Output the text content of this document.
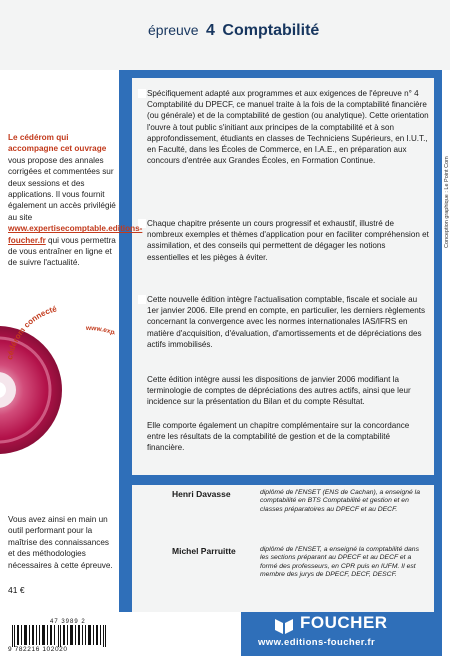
épreuve 4 Comptabilité
Spécifiquement adapté aux programmes et aux exigences de l'épreuve n° 4 Comptabilité du DPECF, ce manuel traite à la fois de la comptabilité financière (ou générale) et de la comptabilité de gestion (ou analytique). Cette orientation l'ouvre à tout public s'initiant aux principes de la comptabilité et à son approfondissement, étudiants en classes de Techniciens Supérieurs, en I.U.T., en Faculté, dans les Écoles de Commerce, en I.A.E., en préparation aux concours d'entrée aux Grandes Écoles, en Formation Continue.
Chaque chapitre présente un cours progressif et exhaustif, illustré de nombreux exemples et thèmes d'application pour en faciliter compréhension et assimilation, et des conseils qui permettent de dégager les notions essentielles et les pièges à éviter.
Cette nouvelle édition intègre l'actualisation comptable, fiscale et sociale au 1er janvier 2006. Elle prend en compte, en particulier, les derniers règlements concernant la convergence avec les normes internationales IAS/IFRS en matière d'acquisition, d'évaluation, d'amortissements et de dépréciations des actifs immobilisés.
Cette édition intègre aussi les dispositions de janvier 2006 modifiant la terminologie de comptes de dépréciations des autres actifs, ainsi que leur incidence sur la présentation du Bilan et du compte Résultat.
Elle comporte également un chapitre complémentaire sur la concordance entre les résultats de la comptabilité de gestion et de la comptabilité financière.
Le cédérom qui accompagne cet ouvrage vous propose des annales corrigées et commentées sur deux sessions et des applications. Il vous fournit également un accès privilégié au site www.expertisecomptable.editions-foucher.fr qui vous permettra de vous entraîner en ligne et de suivre l'actualité.
cédérom connecté
www.exp
Vous avez ainsi en main un outil performant pour la maîtrise des connaissances et des méthodologies nécessaires à cette épreuve.
41 €
47 3989 2
9 782216 102020
Conception graphique : Le Point Com
Henri Davasse	diplômé de l'ENSET (ENS de Cachan), a enseigné la comptabilité en BTS Comptabilité et gestion et en classes préparatoires au DPECF et au DECF.
Michel Parruitte	diplômé de l'ENSET, a enseigné la comptabilité dans les sections préparant au DPECF et au DECF et a formé des professeurs, en CPR puis en IUFM. Il est membre des jurys de DPECF, DECF, DESCF.
FOUCHER
www.editions-foucher.fr
